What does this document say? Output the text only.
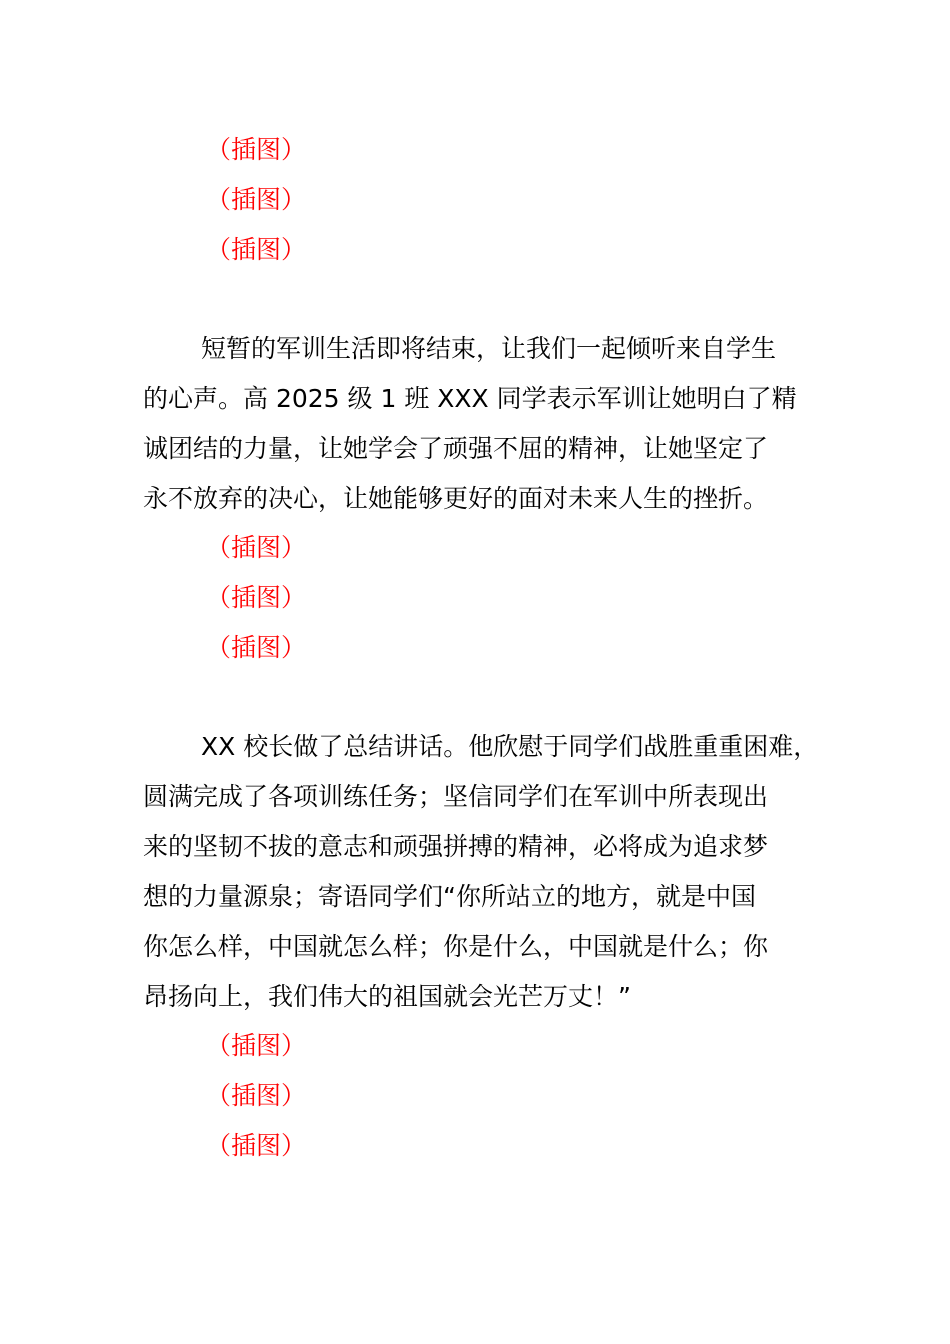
（插图）
（插图）
（插图）
短暂的军训生活即将结束，让我们一起倾听来自学生
的心声。高 2025 级 1 班 XXX 同学表示军训让她明白了精
诚团结的力量，让她学会了顽强不屈的精神，让她坚定了
永不放弃的决心，让她能够更好的面对未来人生的挫折。
（插图）
（插图）
（插图）
XX 校长做了总结讲话。他欣慰于同学们战胜重重困难，
圆满完成了各项训练任务；坚信同学们在军训中所表现出
来的坚韧不拔的意志和顽强拼搏的精神，必将成为追求梦
想的力量源泉；寄语同学们“你所站立的地方，就是中国
你怎么样，中国就怎么样；你是什么，中国就是什么；你
昂扬向上，我们伟大的祖国就会光芒万丈！”
（插图）
（插图）
（插图）
